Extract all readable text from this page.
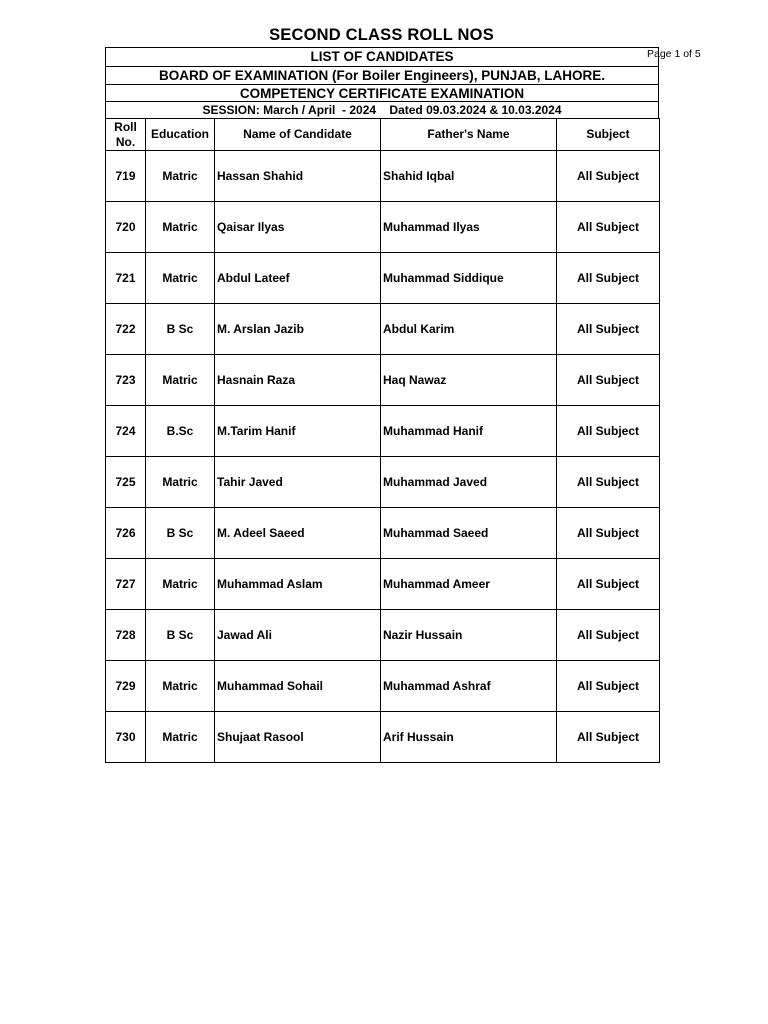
SECOND CLASS ROLL NOS
Page 1 of 5
LIST OF CANDIDATES
BOARD OF EXAMINATION (For Boiler Engineers), PUNJAB, LAHORE.
COMPETENCY CERTIFICATE EXAMINATION
SESSION: March / April  - 2024    Dated 09.03.2024 & 10.03.2024
Roll No.	Education	Name of Candidate	Father's Name	Subject
719	Matric	Hassan Shahid	Shahid Iqbal	All Subject
720	Matric	Qaisar Ilyas	Muhammad Ilyas	All Subject
721	Matric	Abdul Lateef	Muhammad Siddique	All Subject
722	B Sc	M. Arslan Jazib	Abdul Karim	All Subject
723	Matric	Hasnain Raza	Haq Nawaz	All Subject
724	B.Sc	M.Tarim Hanif	Muhammad Hanif	All Subject
725	Matric	Tahir Javed	Muhammad Javed	All Subject
726	B Sc	M. Adeel Saeed	Muhammad Saeed	All Subject
727	Matric	Muhammad Aslam	Muhammad Ameer	All Subject
728	B Sc	Jawad Ali	Nazir Hussain	All Subject
729	Matric	Muhammad Sohail	Muhammad Ashraf	All Subject
730	Matric	Shujaat Rasool	Arif Hussain	All Subject
